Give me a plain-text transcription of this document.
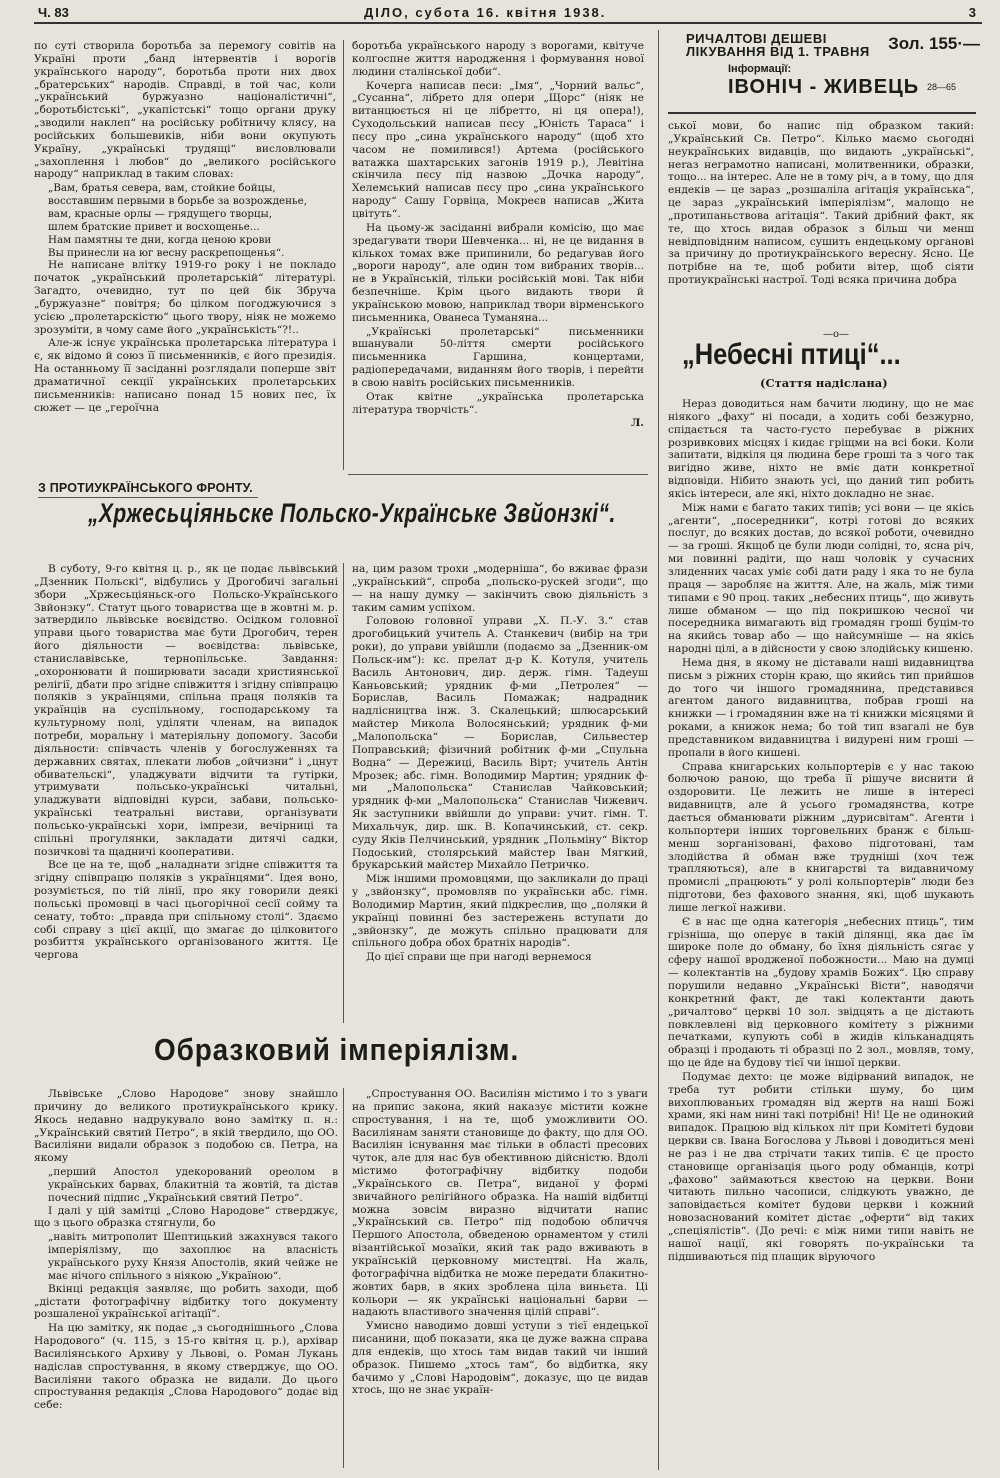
Ч. 83	ДІЛО, субота 16. квітня 1938.	3

по суті створила боротьба за перемогу совітів на Україні проти „банд інтервентів і ворогів українського народу“, боротьба проти них двох „братерських“ народів. Справді, в той час, коли „український буржуазно націоналістичні“, „боротьбістські“, „укапістські“ тощо органи друку „зводили наклеп“ на російську робітничу клясу, на російських большевиків, ніби вони окупують Україну, „українські трудящі“ висловлювали „захоплення і любов“ до „великого російського народу“ наприклад в таким словах:

„Вам, братья севера, вам, стойкие бойцы,
восставшим первыми в борьбе за возрожденье,
вам, красные орлы — грядущего творцы,
шлем братские привет и восхощенье...
Нам памятны те дни, когда ценою крови
Вы принесли на юг весну раскрепощенья“.

Не написане влітку 1919-го року і не покладо початок „український пролетарській“ літературі. Загадто, очевидно, тут по цей бік Збруча „буржуазне“ повітря; бо цілком погоджуючися з усією „пролетарскістю“ цього твору, ніяк не можемо зрозуміти, в чому саме його „українськість“?!..

Але-ж існує українська пролетарська література і є, як відомо й союз її письменників, є його президія. На останньому її засіданні розглядали поперше звіт драматичної секції українських пролетарських письменників: написано понад 15 нових пес, їх сюжет — це „героїчна

боротьба українського народу з ворогами, квітуче колгоспне життя народження і формування нової людини сталінської доби“.

Кочерга написав песи: „Імя“, „Чорний вальс“, „Сусанна“, лібрето для опери „Щорс“ (ніяк не витанцюється ні це лібретто, ні ця опера!), Суходольський написав пєсу „Юність Тараса“ і пєсу про „сина українського народу“ (щоб хто часом не помилився!) Артема (російського ватажка шахтарських загонів 1919 р.), Левітіна скінчила пєсу під назвою „Дочка народу“, Хелемський написав пєсу про „сина українського народу“ Сашу Горвіца, Мокреєв написав „Жита цвітуть“.

На цьому-ж засіданні вибрали комісію, що має зредагувати твори Шевченка... ні, не це видання в кількох томах вже припинили, бо редагував його „вороги народу“, але один том вибраних творів... не в Українській, тільки російській мові. Так ніби безпечніше. Крім цього видають твори й українською мовою, наприклад твори вірменського письменника, Ованеса Туманяна...

„Українські пролетарські“ письменники вшанували 50-ліття смерти російського письменника Гаршина, концертами, радіопередачами, виданням його творів, і перейти в свою навіть російських письменників.

Отак квітне „українська пролетарська література творчість“.

Л.
РИЧАЛТОВІ ДЕШЕВІ
ЛІКУВАННЯ ВІД 1. ТРАВНЯ Зол. 155·—
Інформації:
ІВОНІЧ - ЖИВЕЦЬ 28—65

ської мови, бо напис під образком такий: „Український Св. Петро“. Кількo маємо сьогодні неукраїнських видавців, що видають „українські“, неraз неграмотно написані, молитвенники, образки, тощо... на інтерес. Але не в тому річ, а в тому, що для ендеків — це зараз „розшаліла агітація українська“, це зараз „український імперіялізм“, малощо не „протипаньствова агітація“. Такий дрібний факт, як те, що хтось видав образок з більш чи менш невідповідним написом, сушить ендецькому органові за причину до протиукраїнського вересну. Ясно. Це потрібне на те, щоб робити вітер, щоб сіяти протиукраїнські настрої. Тоді всяка причина добра

—o—
„Небесні птиці“...
(Стаття надіслана)

Нераз доводиться нам бачити людину, що не має ніякого „фаху“ ні посади, а ходить собі безжурно, спідається та часто-густо перебуває в ріжних розривкових місцях і кидає гріщми на всі боки. Коли запитати, відкіля ця людина бере гроші та з чого так вигідно живе, ніхто не вміє дати конкретної відповіди. Нібито знають усі, що даний тип робить якісь інтереси, але які, ніхто докладно не знає.

Між нами є багато таких типів; усі вони — це якісь „агенти“, „посередники“, котрі готові до всяких послуг, до всяких достав, до всякої роботи, очевидно — за гроші. Якщоб це були люди солідні, то, ясна річ, ми повинні радіти, що наш чоловік у сучасних злиденних часах уміє собі дати раду і яка то не була праця — заробляє на життя. Але, на жаль, між тими типами є 90 проц. таких „небесних птиць“, що живуть лише обманом — що під покришкою чесної чи посередника вимагають від громадян гроші буцім-то на якийсь товар або — що найсумніше — на якісь народні цілі, а в дійсности у свою злодійську кишеню.

Нема дня, в якому не діставали наші видавництва письм з ріжних сторін краю, що якийсь тип прийшов до того чи іншого громадянина, представився агентом даного видавництва, побрав гроші на книжки — і громадянин вже на ті книжки місяцями й роками, а книжок нема; бо той тип взагалі не був представником видавництва і видурені ним гроші — пропали в його кишені.

Справа книгарських кольпортерів є у нас такою болючою раною, що треба її рішуче виснити й оздоровити. Це лежить не лише в інтересі видавництв, але й усього громадянства, котре дається обманювати ріжним „дурисвітам“. Агенти і кольпортери інших торговельних бранж є більш-менш зорганізовані, фахово підготовані, там злодійства й обман вже трудніші (хоч теж трапляються), але в книгарстві та видавничому промислі „працюють“ у ролі кольпортерів“ люди без підготови, без фахового знання, які, щоб шукають лише легкої наживи.

Є в нас ще одна категорія „небесних птиць“, тим грізніша, що оперує в такій ділянці, яка дає їм широке поле до обману, бо їхня діяльність сягає у сферу нашої вродженої побожности... Маю на думці — колектантів на „будову храмів Божих“. Цю справу порушили недавно „Українські Вісти“, наводячи конкретний факт, де такі колектанти дають „ричалтово“ церкві 10 зол. звідцять а це дістають повклевлені від церковного комітету з ріжними печатками, купують собі в жидів кільканадцять образці і продають ті образці по 2 зол., мовляв, тому, що це йде на будову тієї чи іншої церкви.

Подумає дехто: це може відірваний випадок, не треба тут робити стільки шуму, бо цим вихоплюваньих громадян від жертв на наші Божі храми, які нам нині такі потрібні! Ні! Це не одинокий випадок. Працюю від кількох літ при Комітеті будови церкви св. Івана Богослова у Львові і доводиться мені не раз і не два стрічати таких типів. Є це просто становище організація цього роду обманців, котрі „фахово“ займаються квестою на церкви. Вони читають пильно часописи, слідкують уважно, де заповідається комітет будови церкви і кожний новозаснований комітет дістає „оферти“ від таких „спеціялістів“. (До речі: є між ними типи навіть не нашої нації, які говорять по-українськи та підшиваються під плащик віруючого

З ПРОТИУКРАЇНСЬКОГО ФРОНТУ.
„Хржесьціяньске Польско-Українське Звйонзкі“.

В суботу, 9-го квітня ц. р., як це подає львівський „Дзенник Польскі“, відбулись у Дрогобичі загальні збори „Хржесьціяньск-ого Польско-Українського Звйонзку“. Статут цього товариства ще в жовтні м. р. затвердило львівське воєвідство. Осідком головної управи цього товариства має бути Дрогобич, терен його діяльности — воєвідства: львівське, станиславівське, тернопільське. Завдання: „охоронювати й поширювати засади християнської релігії, дбати про згідне співжиття і згідну співпрацю поляків з українцями, спільна праця поляків та українців на суспільному, господарському та культурному полі, уділяти членам, на випадок потреби, моральну і матеріяльну допомогу. Засоби діяльности: співчасть членів у богослуженнях та державних святах, плекати любов „ойчизни“ і „цнут обивательскі“, уладжувати відчити та гутірки, утримувати польсько-українські читальні, уладжувати відповідні курси, забави, польсько-українські театральні вистави, організувати польсько-українські хори, імпрези, вечірниці та спільні прогулянки, закладати дитячі садки, позичкові та щадничі кооперативи.

Все це на те, щоб „наладнати згідне співжиття та згідну співпрацю поляків з українцями“. Ідея воно, розуміється, по тій лінії, про яку говорили деякі польські промовці в часі цьогорічної сесії сойму та сенату, тобто: „правда при спільному столі“. Здаємо собі справу з цієї акції, що змагає до цілковитого розбиття українського організованого життя. Це чергова

на, цим разом трохи „модернішa“, бо вживає фрази „український“, спроба „польско-рускей згоди“, що — на нашу думку — закінчить свою діяльність з таким самим успіхом.

Головою головної управи „Х. П.-У. З.“ став дрогобицький учитель А. Станкевич (вибір на три роки), до управи увійшли (подаємо за „Дзенник-ом Польск-им“): кс. прелат д-р К. Котуля, учитель Василь Антонович, дир. держ. гімн. Тадеуш Каньовський; урядник ф-ми „Петролея“ — Борислав, Василь Помажак; надрадник надлісництва інж. З. Скалецький; шлюсарський майстер Микола Волосянський; урядник ф-ми „Малопольска“ — Борислав, Сильвестер Поправський; фізичний робітник ф-ми „Спульна Водна“ — Дережиці, Василь Вірт; учитель Антін Мрозек; абс. гімн. Володимир Мартин; урядник ф-ми „Малопольска“ Станислав Чайковський; урядник ф-ми „Малопольска“ Станислав Чижевич. Як заступники ввійшли до управи: учит. гімн. Т. Михальчук, дир. шк. В. Копачинський, ст. секр. суду Яків Пелчинський, урядник „Польміну“ Віктор Подоський, столярський майстер Іван Мягкий, брукарський майстер Михайло Петричко.

Між іншими промовцями, що закликали до праці у „звйонзку“, промовляв по українськи абс. гімн. Володимир Мартин, який підкреслив, що „поляки й українці повинні без застережень вступати до „звйонзку“, де можуть спільно працювати для спільного добра обох братніх народів“.

До цієї справи ще при нагоді вернемося

Образковий імперіялізм.

Львівське „Слово Народове“ знову знайшло причину до великого протиукраїнського крику. Якось недавно надрукувало воно замітку п. н.: „Український святий Петро“, в якій твердило, що ОО. Василіяни видали образок з подобою св. Петра, на якому

„перший Апостол удекорований ореолом в українських барвах, блакитній та жовтій, та дістав почесний підпис „Український святий Петро“.

І далі у цій замітці „Слово Народове“ стверджує, що з цього образка стягнули, бо

„навіть митрополит Шептицький зжахнувся такого імперіялізму, що захоплює на власність українського руху Князя Апостолів, який чейже не має нічого спільного з ніякою „Україною“.

Вкінці редакція заявляє, що робить заходи, щоб „дістати фотографічну відбитку того документу розшаленої української агітації“.

На цю замітку, як подає „з сьогоднішнього „Слова Народового“ (ч. 115, з 15-го квітня ц. р.), архівар Василіянського Архиву у Львові, о. Роман Лукань надіслав спростування, в якому стверджує, що ОО. Василіяни такого образка не видали. До цього спростування редакція „Слова Народового“ додає від себе:

„Спростування ОО. Василіян містимо і то з уваги на припис закона, який наказує містити кожне спростування, і на те, щоб уможливити ОО. Василіянам заняти становище до факту, що для ОО. Василіян існування має тільки в області пресових чуток, але для нас був обективною дійсністю. Вдолі містимо фотографічну відбитку подоби „Українського св. Петра“, виданої у формі звичайного релігійного образка. На нашій відбитці можна зовсім виразно відчитати напис „Український св. Петро“ під подобою обличчя Першого Апостола, обведеною орнаментом у стилі візантійської мозаїки, який так радо вживають в українській церковному мистецтві. На жаль, фотографічна відбитка не може передати блакитно-жовтих барв, в яких зроблена ціла виньєта. Ці кольори — як українські національні барви — надають властивого значення цілій справі“.

Умисно наводимо довші уступи з тієї ендецької писанини, щоб показати, яка це дуже важна справа для ендеків, що хтось там видав такий чи інший образок. Пишемо „хтось там“, бо відбитка, яку бачимо у „Слові Народовім“, доказує, що це видав хтось, що не знає україн-
